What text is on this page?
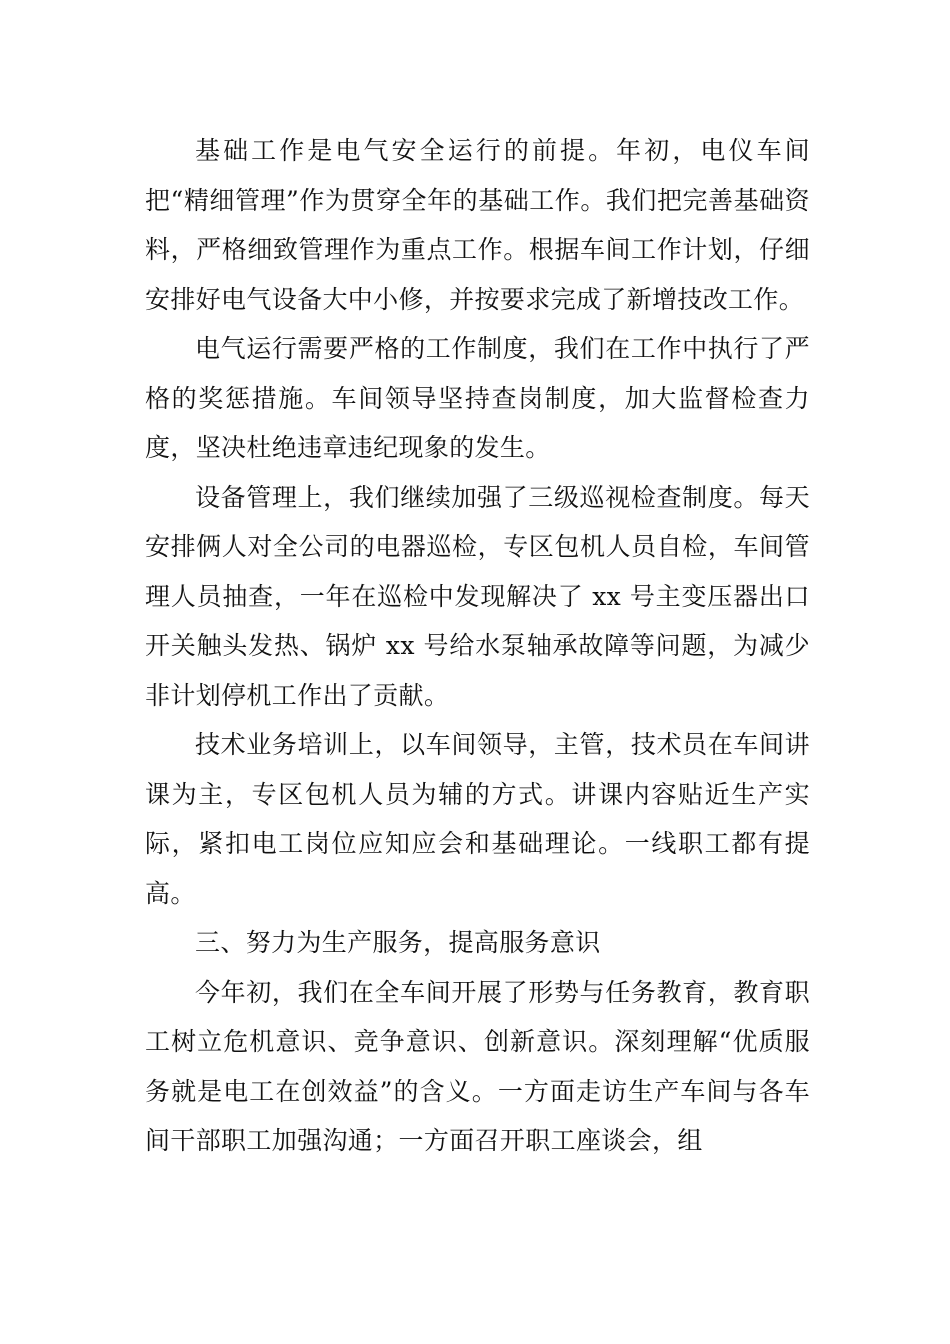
基础工作是电气安全运行的前提。年初，电仪车间把“精细管理”作为贯穿全年的基础工作。我们把完善基础资料，严格细致管理作为重点工作。根据车间工作计划，仔细安排好电气设备大中小修，并按要求完成了新增技改工作。

电气运行需要严格的工作制度，我们在工作中执行了严格的奖惩措施。车间领导坚持查岗制度，加大监督检查力度，坚决杜绝违章违纪现象的发生。

设备管理上，我们继续加强了三级巡视检查制度。每天安排俩人对全公司的电器巡检，专区包机人员自检，车间管理人员抽查，一年在巡检中发现解决了 xx 号主变压器出口开关触头发热、锅炉 xx 号给水泵轴承故障等问题，为减少非计划停机工作出了贡献。

技术业务培训上，以车间领导，主管，技术员在车间讲课为主，专区包机人员为辅的方式。讲课内容贴近生产实际，紧扣电工岗位应知应会和基础理论。一线职工都有提高。

三、努力为生产服务，提高服务意识

今年初，我们在全车间开展了形势与任务教育，教育职工树立危机意识、竞争意识、创新意识。深刻理解“优质服务就是电工在创效益”的含义。一方面走访生产车间与各车间干部职工加强沟通；一方面召开职工座谈会，组
